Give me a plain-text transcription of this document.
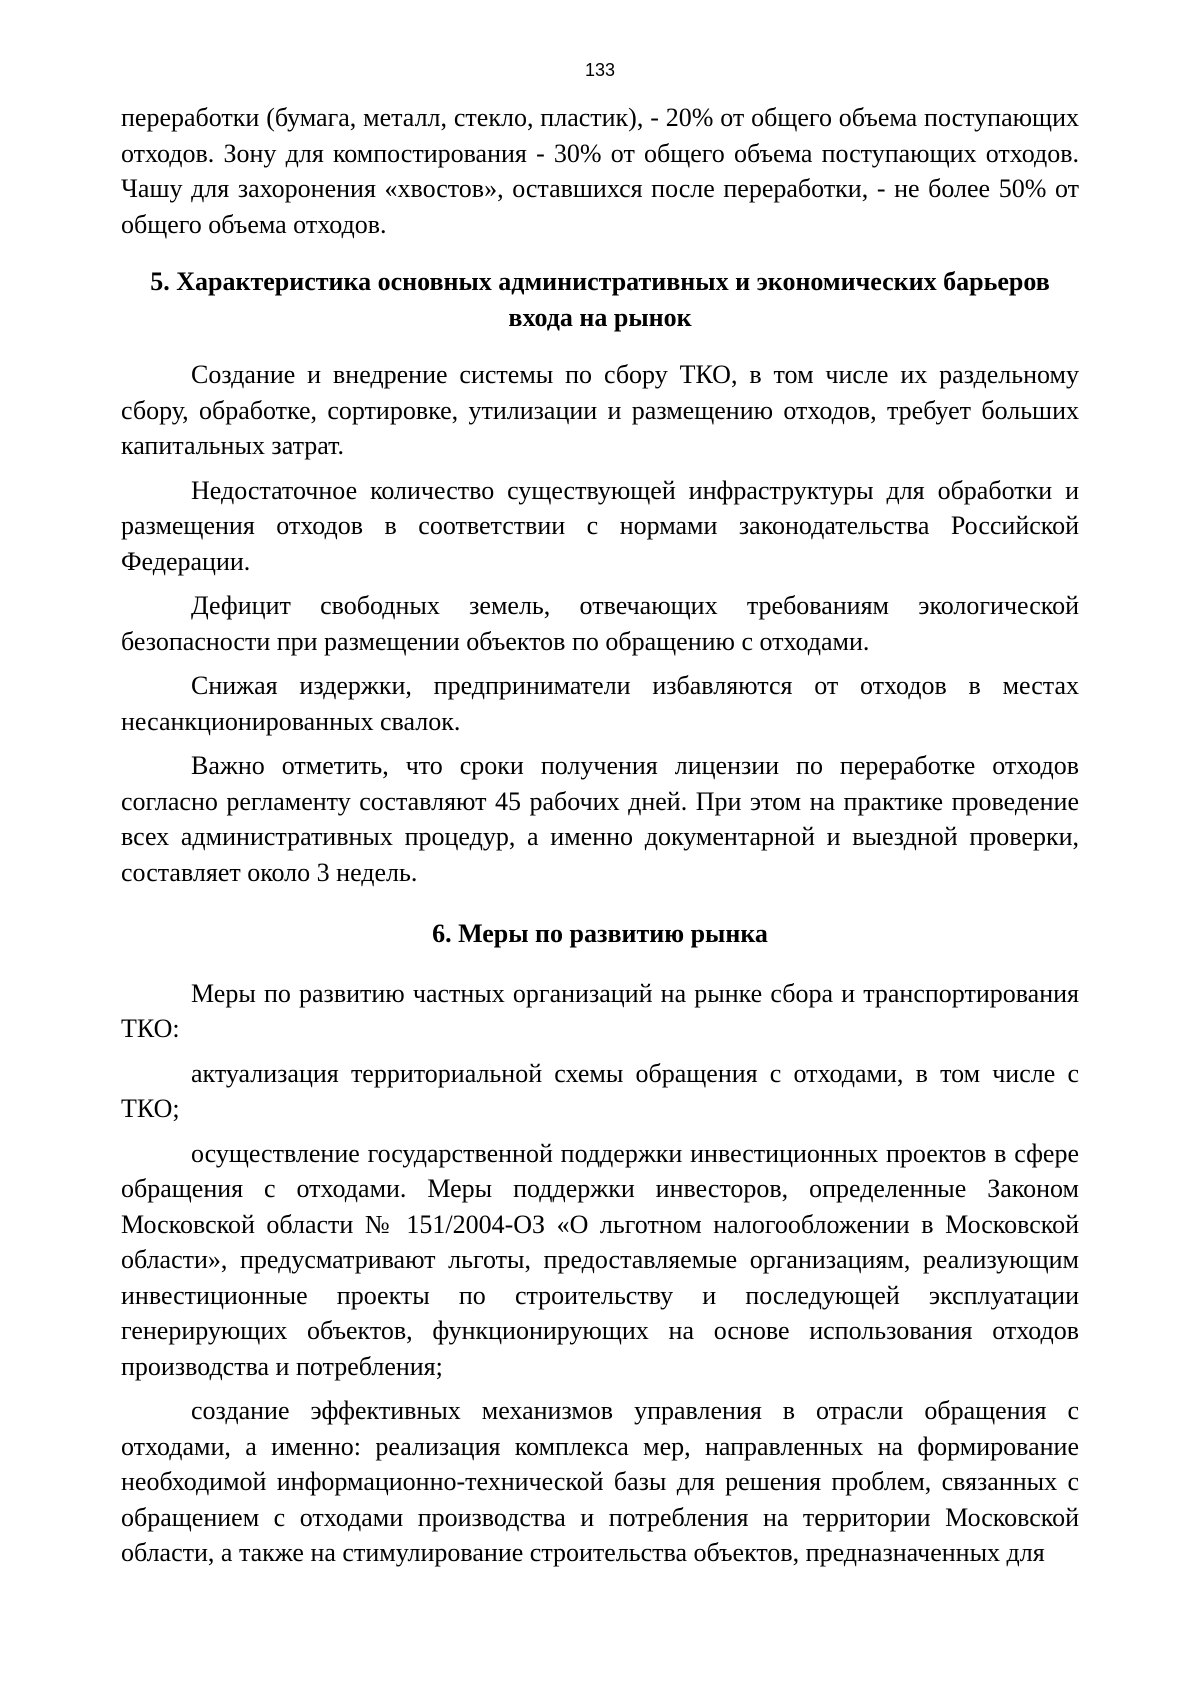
133

переработки (бумага, металл, стекло, пластик), - 20% от общего объема поступающих отходов. Зону для компостирования - 30% от общего объема поступающих отходов. Чашу для захоронения «хвостов», оставшихся после переработки, - не более 50% от общего объема отходов.

5. Характеристика основных административных и экономических барьеров входа на рынок

Создание и внедрение системы по сбору ТКО, в том числе их раздельному сбору, обработке, сортировке, утилизации и размещению отходов, требует больших капитальных затрат.

Недостаточное количество существующей инфраструктуры для обработки и размещения отходов в соответствии с нормами законодательства Российской Федерации.

Дефицит свободных земель, отвечающих требованиям экологической безопасности при размещении объектов по обращению с отходами.

Снижая издержки, предприниматели избавляются от отходов в местах несанкционированных свалок.

Важно отметить, что сроки получения лицензии по переработке отходов согласно регламенту составляют 45 рабочих дней. При этом на практике проведение всех административных процедур, а именно документарной и выездной проверки, составляет около 3 недель.

6. Меры по развитию рынка

Меры по развитию частных организаций на рынке сбора и транспортирования ТКО:

актуализация территориальной схемы обращения с отходами, в том числе с ТКО;

осуществление государственной поддержки инвестиционных проектов в сфере обращения с отходами. Меры поддержки инвесторов, определенные Законом Московской области № 151/2004-ОЗ «О льготном налогообложении в Московской области», предусматривают льготы, предоставляемые организациям, реализующим инвестиционные проекты по строительству и последующей эксплуатации генерирующих объектов, функционирующих на основе использования отходов производства и потребления;

создание эффективных механизмов управления в отрасли обращения с отходами, а именно: реализация комплекса мер, направленных на формирование необходимой информационно-технической базы для решения проблем, связанных с обращением с отходами производства и потребления на территории Московской области, а также на стимулирование строительства объектов, предназначенных для
